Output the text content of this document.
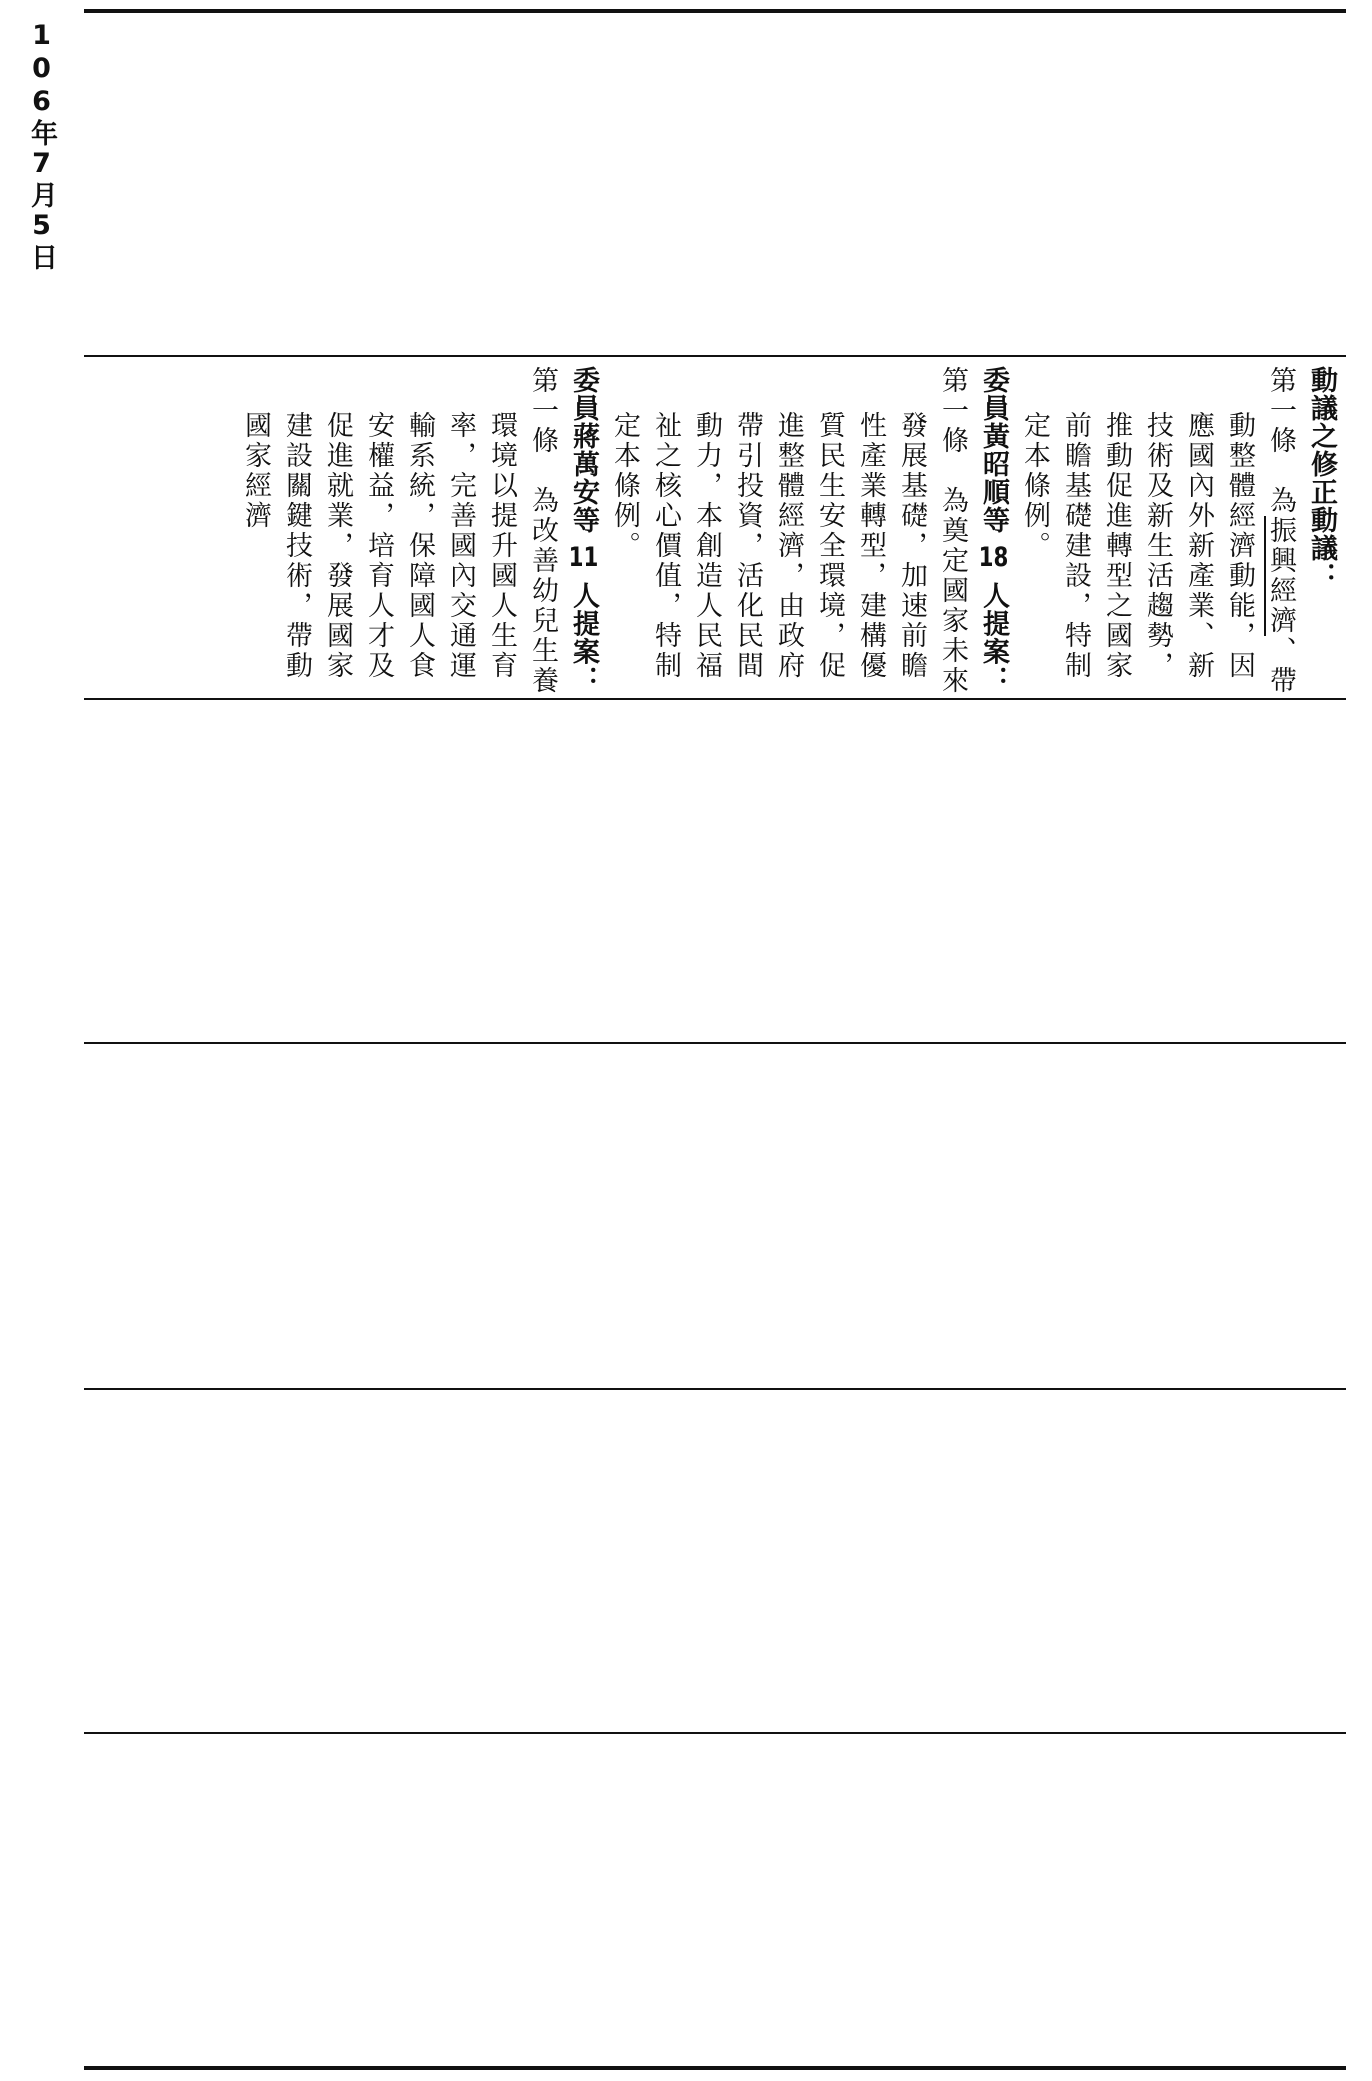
106年7月5日
動議之修正動議：
第一條為振興經濟、帶動整體經濟動能，因應國內外新產業、新技術及新生活趨勢，推動促進轉型之國家前瞻基礎建設，特制定本條例。
委員黃昭順等 18 人提案：
第一條為奠定國家未來發展基礎，加速前瞻性產業轉型，建構優質民生安全環境，促進整體經濟，由政府帶引投資，活化民間動力，本創造人民福祉之核心價值，特制定本條例。
委員蔣萬安等 11 人提案：
第一條為改善幼兒生養環境以提升國人生育率，完善國內交通運輸系統，保障國人食安權益，培育人才及促進就業，發展國家建設關鍵技術，帶動國家經濟
